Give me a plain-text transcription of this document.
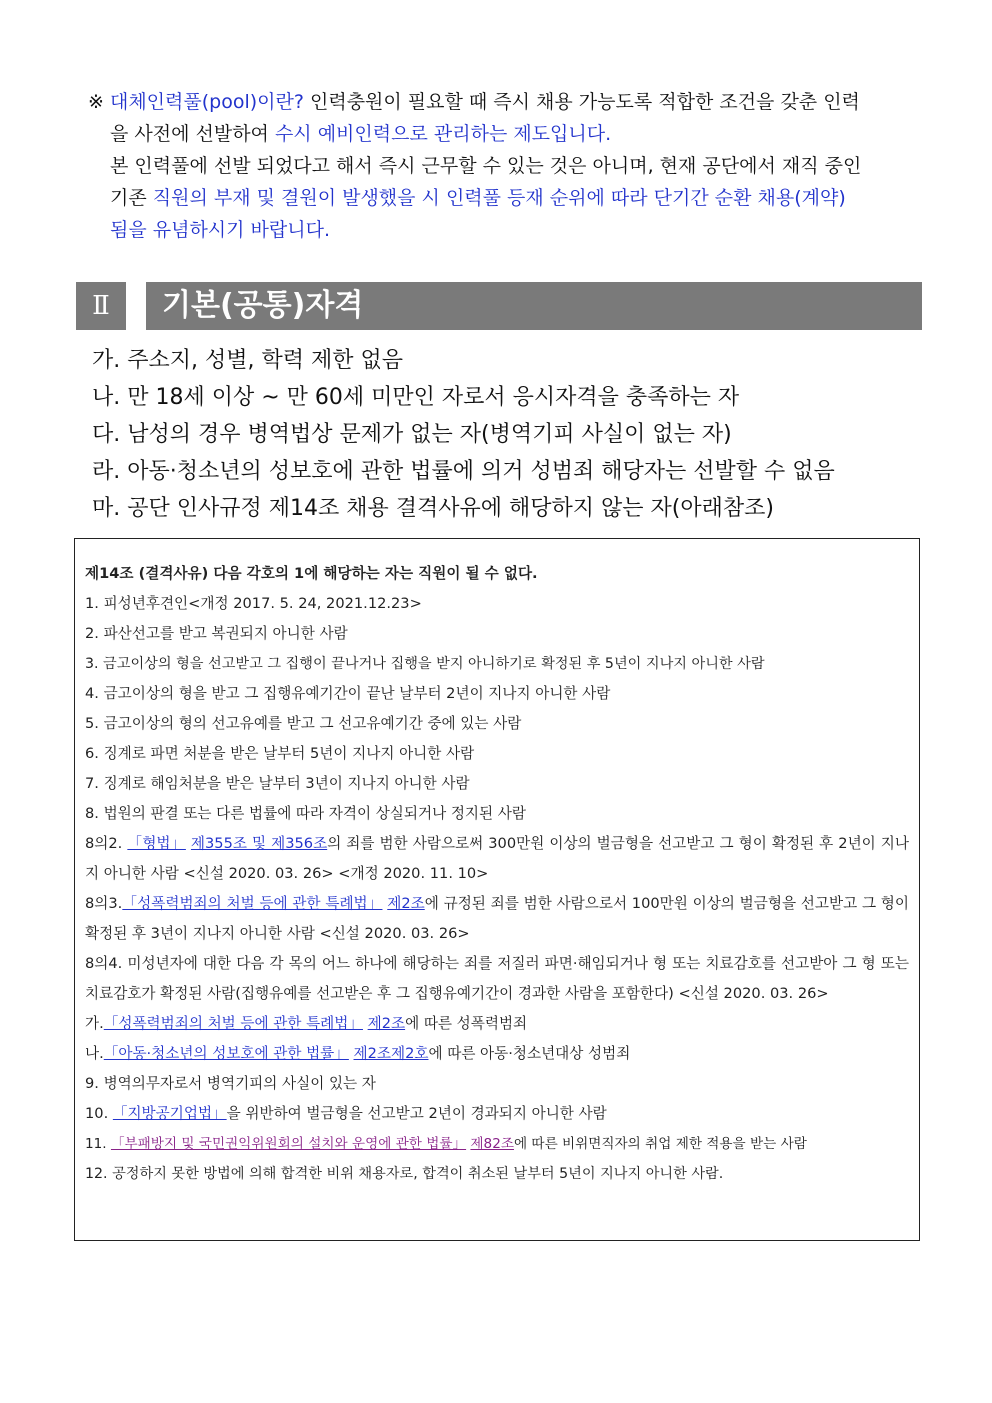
※ 대체인력풀(pool)이란? 인력충원이 필요할 때 즉시 채용 가능도록 적합한 조건을 갖춘 인력

을 사전에 선발하여 수시 예비인력으로 관리하는 제도입니다.

본 인력풀에 선발 되었다고 해서 즉시 근무할 수 있는 것은 아니며, 현재 공단에서 재직 중인

기존 직원의 부재 및 결원이 발생했을 시 인력풀 등재 순위에 따라 단기간 순환 채용(계약)

됨을 유념하시기 바랍니다.

Ⅱ	기본(공통)자격
가. 주소지, 성별, 학력 제한 없음
나. 만 18세 이상 ~ 만 60세 미만인 자로서 응시자격을 충족하는 자
다. 남성의 경우 병역법상 문제가 없는 자(병역기피 사실이 없는 자)
라. 아동·청소년의 성보호에 관한 법률에 의거 성범죄 해당자는 선발할 수 없음
마. 공단 인사규정 제14조 채용 결격사유에 해당하지 않는 자(아래참조)
제14조 (결격사유) 다음 각호의 1에 해당하는 자는 직원이 될 수 없다.
1. 피성년후견인<개정 2017. 5. 24, 2021.12.23>
2. 파산선고를 받고 복권되지 아니한 사람
3. 금고이상의 형을 선고받고 그 집행이 끝나거나 집행을 받지 아니하기로 확정된 후 5년이 지나지 아니한 사람
4. 금고이상의 형을 받고 그 집행유예기간이 끝난 날부터 2년이 지나지 아니한 사람
5. 금고이상의 형의 선고유예를 받고 그 선고유예기간 중에 있는 사람
6. 징계로 파면 처분을 받은 날부터 5년이 지나지 아니한 사람
7. 징계로 해임처분을 받은 날부터 3년이 지나지 아니한 사람
8. 법원의 판결 또는 다른 법률에 따라 자격이 상실되거나 정지된 사람
8의2. 「형법」 제355조 및 제356조의 죄를 범한 사람으로써 300만원 이상의 벌금형을 선고받고 그 형이 확정된 후 2년이 지나지 아니한 사람 <신설 2020. 03. 26> <개정 2020. 11. 10>
8의3.「성폭력범죄의 처벌 등에 관한 특례법」 제2조에 규정된 죄를 범한 사람으로서 100만원 이상의 벌금형을 선고받고 그 형이 확정된 후 3년이 지나지 아니한 사람 <신설 2020. 03. 26>
8의4. 미성년자에 대한 다음 각 목의 어느 하나에 해당하는 죄를 저질러 파면·해임되거나 형 또는 치료감호를 선고받아 그 형 또는 치료감호가 확정된 사람(집행유예를 선고받은 후 그 집행유예기간이 경과한 사람을 포함한다) <신설 2020. 03. 26>
가.「성폭력범죄의 처벌 등에 관한 특례법」 제2조에 따른 성폭력범죄
나.「아동·청소년의 성보호에 관한 법률」 제2조제2호에 따른 아동·청소년대상 성범죄
9. 병역의무자로서 병역기피의 사실이 있는 자
10. 「지방공기업법」을 위반하여 벌금형을 선고받고 2년이 경과되지 아니한 사람
11. 「부패방지 및 국민권익위원회의 설치와 운영에 관한 법률」 제82조에 따른 비위면직자의 취업 제한 적용을 받는 사람
12. 공정하지 못한 방법에 의해 합격한 비위 채용자로, 합격이 취소된 날부터 5년이 지나지 아니한 사람.
